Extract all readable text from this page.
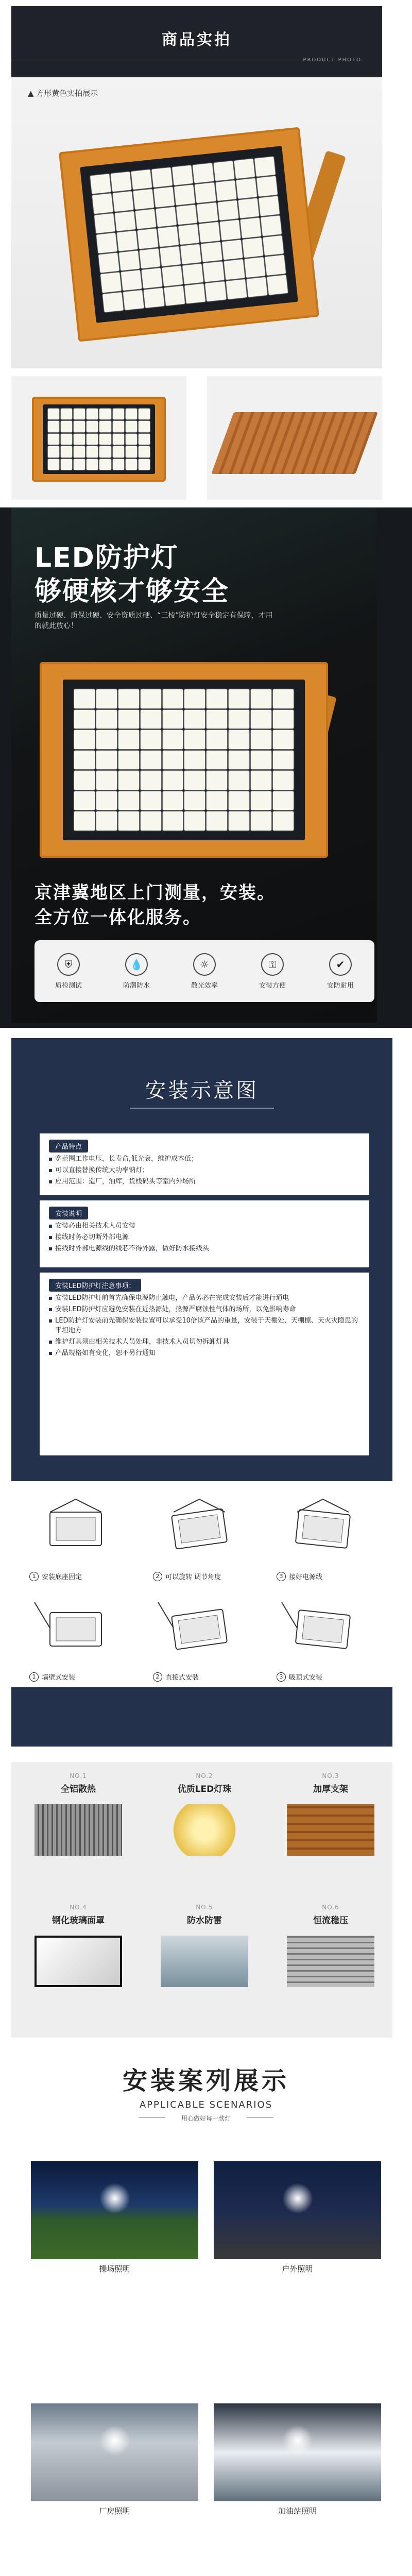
商品实拍
PRODUCT PHOTO
▲ 方形黄色实拍展示
LED防护灯
够硬核才够安全
质量过硬、质保过硬、安全资质过硬、“三棱”防护灯安全稳定有保障，才用的就此放心！
京津冀地区上门测量，安装。
全方位一体化服务。
⛨
质检测试
💧
防潮防水
☼
散光效率
⚿
安装方便
✔
安防耐用
安装示意图
产品特点
宽范围工作电压，长寿命,低光衰，维护成本低；
可以直接替换传统大功率钠灯；
应用范围：造厂，油库，货栈码头等室内外场所
安装说明
安装必由相关技术人员安装
接线时务必切断外部电源
接线时外部电源线的线芯不得外露，做好防水接线头
安装LED防护灯注意事项：
安装LED防护灯前首先确保电源防止触电，产品务必在完成安装后才能进行通电
安装LED防护灯应避免安装在近热源处，热源严腐蚀性气体的场所，以免影响寿命
LED防护灯安装前先确保安装位置可以承受10倍该产品的重量，安装于天棚处、天棚檩、天火灾隐患的平坦地方
维护灯具须由相关技术人员处理，非技术人员切勿拆卸灯具
产品规格如有变化，恕不另行通知
1 安装底座固定	2 可以旋转 调节角度	3 接好电源线
1 墙壁式安装	2 直接式安装	3 吸顶式安装
NO.1
全铝散热
NO.2
优质LED灯珠
NO.3
加厚支架
NO.4
钢化玻璃面罩
NO.5
防水防雷
NO.6
恒流稳压
安装案列展示
APPLICABLE SCENARIOS
用心做好每一款灯
操场照明	户外照明
厂房照明	加油站照明
